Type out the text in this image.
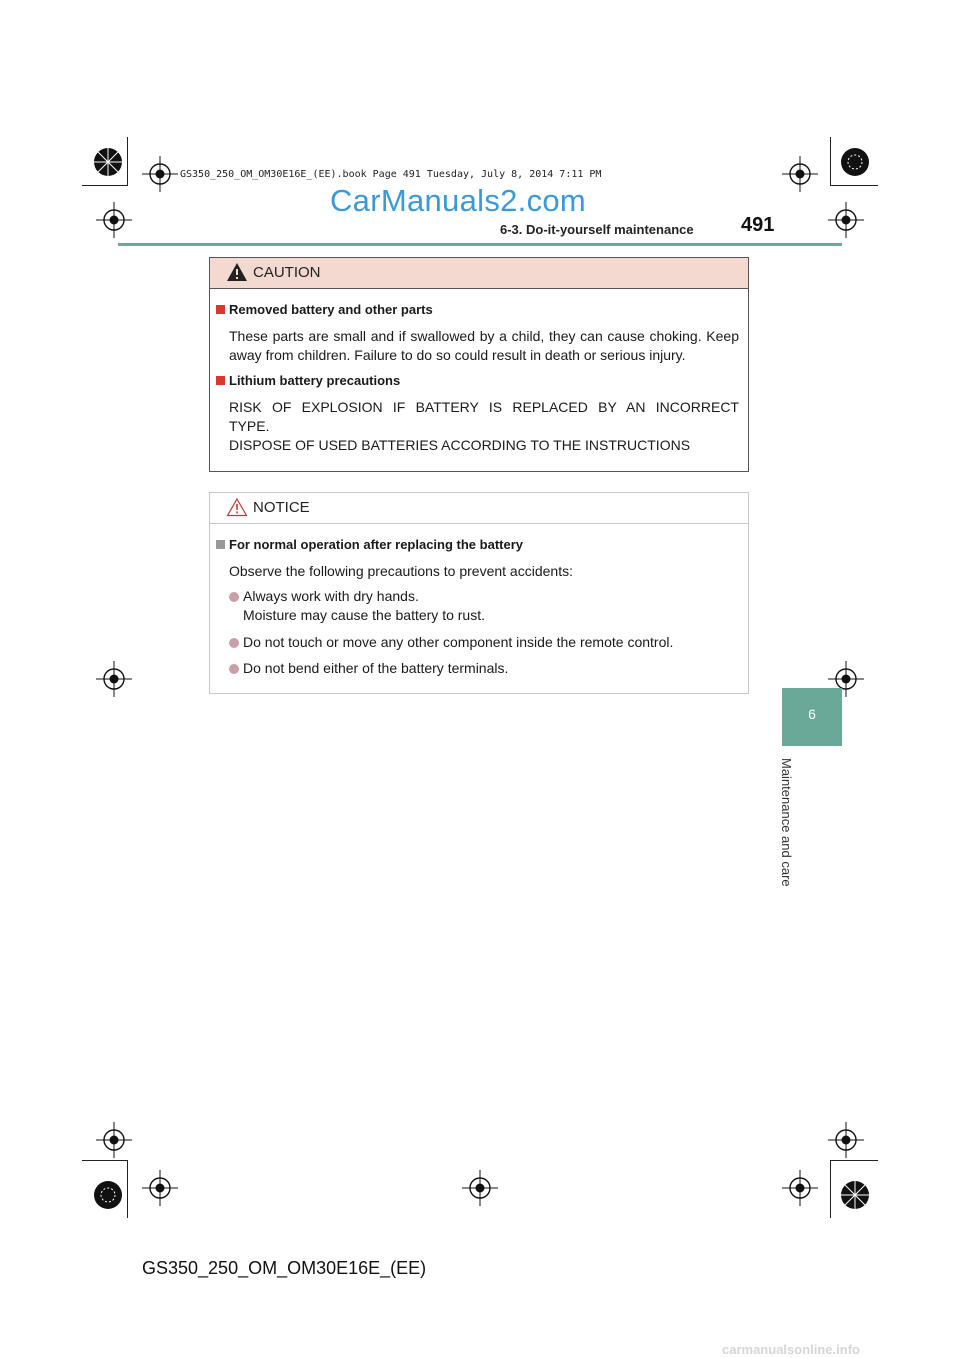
GS350_250_OM_OM30E16E_(EE).book Page 491 Tuesday, July 8, 2014 7:11 PM
CarManuals2.com
6-3. Do-it-yourself maintenance 491
6
Maintenance and care
CAUTION
Removed battery and other parts
These parts are small and if swallowed by a child, they can cause choking. Keep
away from children. Failure to do so could result in death or serious injury.
Lithium battery precautions
RISK OF EXPLOSION IF BATTERY IS REPLACED BY AN INCORRECT
TYPE.
DISPOSE OF USED BATTERIES ACCORDING TO THE INSTRUCTIONS
NOTICE
For normal operation after replacing the battery
Observe the following precautions to prevent accidents:
Always work with dry hands.
Moisture may cause the battery to rust.
Do not touch or move any other component inside the remote control.
Do not bend either of the battery terminals.
GS350_250_OM_OM30E16E_(EE)
carmanualsonline.info
